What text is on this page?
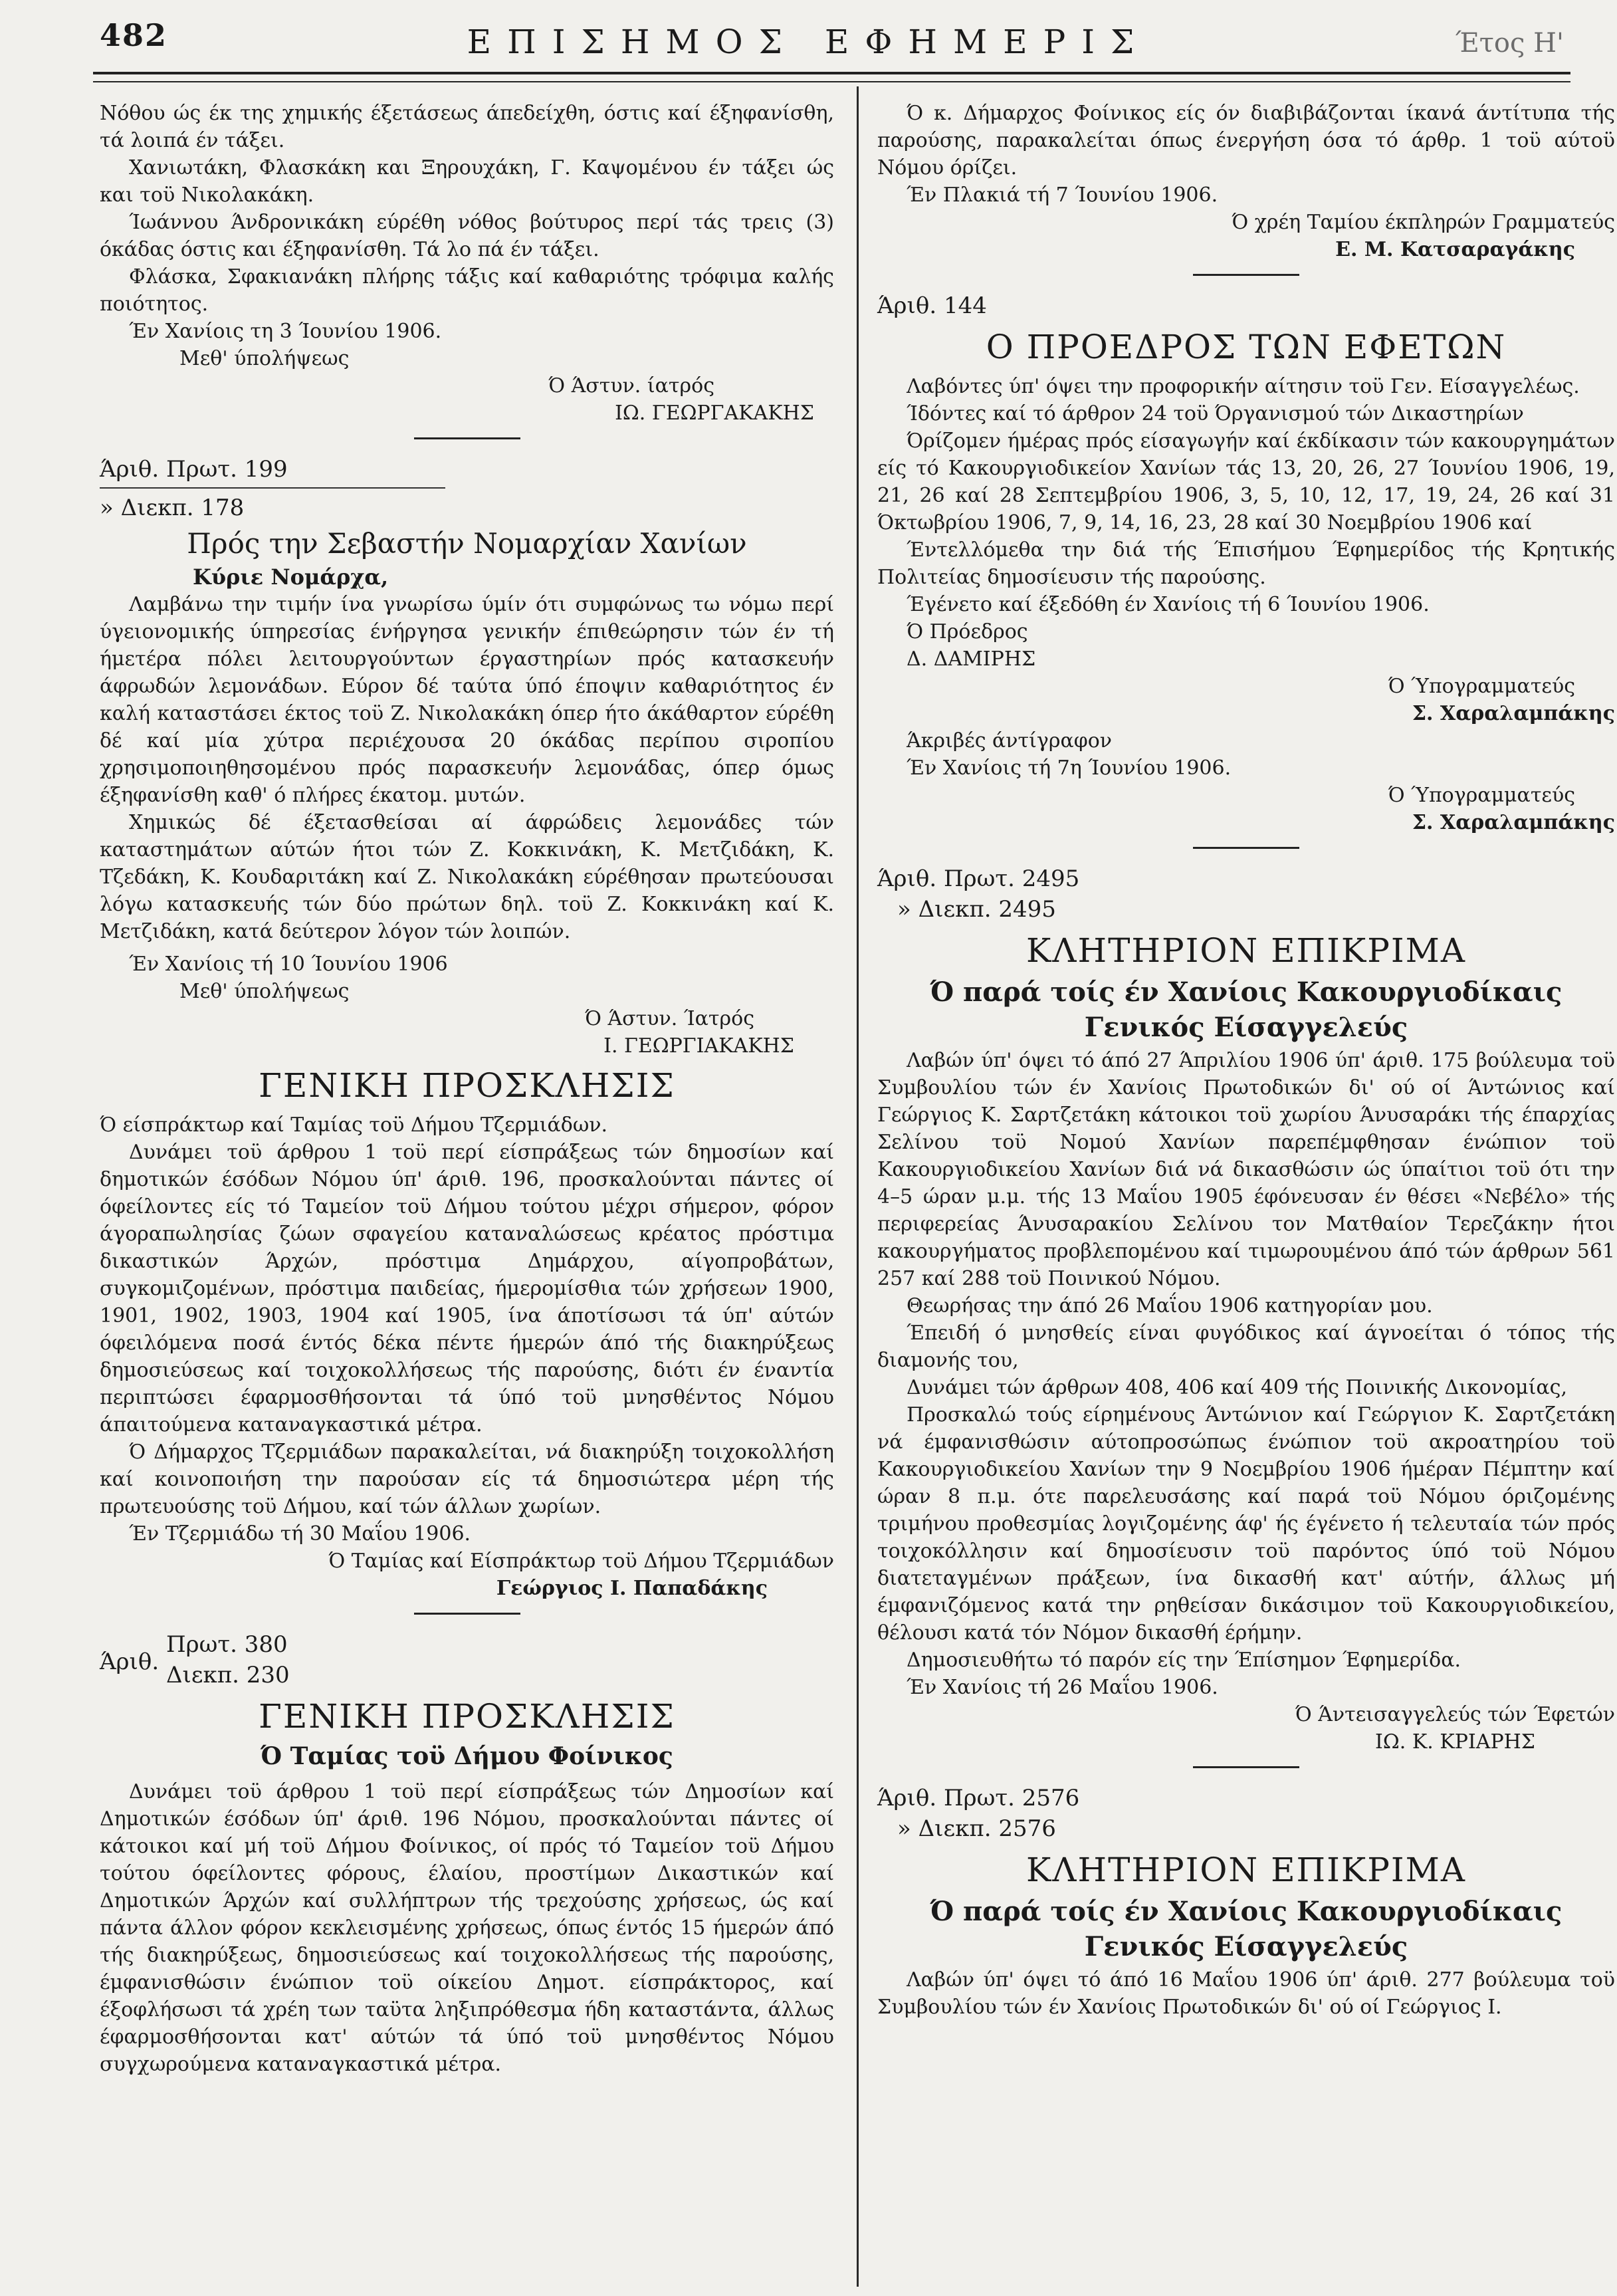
482	ΕΠΙΣΗΜΟΣ ΕΦΗΜΕΡΙΣ	Έτος Η'

Νόθου ώς έκ της χημικής έξετάσεως άπεδείχθη, όστις καί έξηφανίσθη, τά λοιπά έν τάξει.

Χανιωτάκη, Φλασκάκη και Ξηρουχάκη, Γ. Καψομένου έν τάξει ώς και τοϋ Νικολακάκη.

Ίωάννου Άνδρονικάκη εύρέθη νόθος βούτυρος περί τάς τρεις (3) όκάδας όστις και έξηφανίσθη. Τά λο πά έν τάξει.

Φλάσκα, Σφακιανάκη πλήρης τάξις καί καθαριότης τρόφιμα καλής ποιότητος.

Έν Χανίοις τη 3 Ίουνίου 1906.

Μεθ' ύπολήψεως

Ό Άστυν. ίατρός

ΙΩ. ΓΕΩΡΓΑΚΑΚΗΣ

Άριθ. Πρωτ. 199

» Διεκπ. 178

Πρός την Σεβαστήν Νομαρχίαν Χανίων

Κύριε Νομάρχα,

Λαμβάνω την τιμήν ίνα γνωρίσω ύμίν ότι συμφώνως τω νόμω περί ύγειονομικής ύπηρεσίας ένήργησα γενικήν έπιθεώρησιν τών έν τή ήμετέρα πόλει λειτουργούντων έργαστηρίων πρός κατασκευήν άφρωδών λεμονάδων. Εύρον δέ ταύτα ύπό έποψιν καθαριότητος έν καλή καταστάσει έκτος τοϋ Ζ. Νικολακάκη όπερ ήτο άκάθαρτον εύρέθη δέ καί μία χύτρα περιέχουσα 20 όκάδας περίπου σιροπίου χρησιμοποιηθησομένου πρός παρασκευήν λεμονάδας, όπερ όμως έξηφανίσθη καθ' ό πλήρες έκατομ. μυτών.

Χημικώς δέ έξετασθείσαι αί άφρώδεις λεμονάδες τών καταστημάτων αύτών ήτοι τών Ζ. Κοκκινάκη, Κ. Μετζιδάκη, Κ. Τζεδάκη, Κ. Κουδαριτάκη καί Ζ. Νικολακάκη εύρέθησαν πρωτεύουσαι λόγω κατασκευής τών δύο πρώτων δηλ. τοϋ Ζ. Κοκκινάκη καί Κ. Μετζιδάκη, κατά δεύτερον λόγον τών λοιπών.

Έν Χανίοις τή 10 Ίουνίου 1906

Μεθ' ύπολήψεως

Ό Άστυν. Ίατρός

Ι. ΓΕΩΡΓΙΑΚΑΚΗΣ

ΓΕΝΙΚΗ ΠΡΟΣΚΛΗΣΙΣ

Ό είσπράκτωρ καί Ταμίας τοϋ Δήμου Τζερμιάδων.

Δυνάμει τοϋ άρθρου 1 τοϋ περί είσπράξεως τών δημοσίων καί δημοτικών έσόδων Νόμου ύπ' άριθ. 196, προσκαλούνται πάντες οί όφείλοντες είς τό Ταμείον τοϋ Δήμου τούτου μέχρι σήμερον, φόρον άγοραπωλησίας ζώων σφαγείου καταναλώσεως κρέατος πρόστιμα δικαστικών Άρχών, πρόστιμα Δημάρχου, αίγοπροβάτων, συγκομιζομένων, πρόστιμα παιδείας, ήμερομίσθια τών χρήσεων 1900, 1901, 1902, 1903, 1904 καί 1905, ίνα άποτίσωσι τά ύπ' αύτών όφειλόμενα ποσά έντός δέκα πέντε ήμερών άπό τής διακηρύξεως δημοσιεύσεως καί τοιχοκολλήσεως τής παρούσης, διότι έν έναντία περιπτώσει έφαρμοσθήσονται τά ύπό τοϋ μνησθέντος Νόμου άπαιτούμενα καταναγκαστικά μέτρα.

Ό Δήμαρχος Τζερμιάδων παρακαλείται, νά διακηρύξη τοιχοκολλήση καί κοινοποιήση την παρούσαν είς τά δημοσιώτερα μέρη τής πρωτευούσης τοϋ Δήμου, καί τών άλλων χωρίων.

Έν Τζερμιάδω τή 30 Μαΐου 1906.

Ό Ταμίας καί Είσπράκτωρ τοϋ Δήμου Τζερμιάδων

Γεώργιος Ι. Παπαδάκης

Άριθ.
Πρωτ. 380
Διεκπ. 230
ΓΕΝΙΚΗ ΠΡΟΣΚΛΗΣΙΣ
Ό Ταμίας τοϋ Δήμου Φοίνικος

Δυνάμει τοϋ άρθρου 1 τοϋ περί είσπράξεως τών Δημοσίων καί Δημοτικών έσόδων ύπ' άριθ. 196 Νόμου, προσκαλούνται πάντες οί κάτοικοι καί μή τοϋ Δήμου Φοίνικος, οί πρός τό Ταμείον τοϋ Δήμου τούτου όφείλοντες φόρους, έλαίου, προστίμων Δικαστικών καί Δημοτικών Άρχών καί συλλήπτρων τής τρεχούσης χρήσεως, ώς καί πάντα άλλον φόρον κεκλεισμένης χρήσεως, όπως έντός 15 ήμερών άπό τής διακηρύξεως, δημοσιεύσεως καί τοιχοκολλήσεως τής παρούσης, έμφανισθώσιν ένώπιον τοϋ οίκείου Δημοτ. είσπράκτορος, καί έξοφλήσωσι τά χρέη των ταϋτα ληξιπρόθεσμα ήδη καταστάντα, άλλως έφαρμοσθήσονται κατ' αύτών τά ύπό τοϋ μνησθέντος Νόμου συγχωρούμενα καταναγκαστικά μέτρα.

Ό κ. Δήμαρχος Φοίνικος είς όν διαβιβάζονται ίκανά άντίτυπα τής παρούσης, παρακαλείται όπως ένεργήση όσα τό άρθρ. 1 τοϋ αύτοϋ Νόμου όρίζει.

Έν Πλακιά τή 7 Ίουνίου 1906.

Ό χρέη Ταμίου έκπληρών Γραμματεύς

Ε. Μ. Κατσαραγάκης

Άριθ. 144

Ο ΠΡΟΕΔΡΟΣ ΤΩΝ ΕΦΕΤΩΝ

Λαβόντες ύπ' όψει την προφορικήν αίτησιν τοϋ Γεν. Είσαγγελέως.

Ίδόντες καί τό άρθρον 24 τοϋ Όργανισμού τών Δικαστηρίων

Όρίζομεν ήμέρας πρός είσαγωγήν καί έκδίκασιν τών κακουργημάτων είς τό Κακουργιοδικείον Χανίων τάς 13, 20, 26, 27 Ίουνίου 1906, 19, 21, 26 καί 28 Σεπτεμβρίου 1906, 3, 5, 10, 12, 17, 19, 24, 26 καί 31 Όκτωβρίου 1906, 7, 9, 14, 16, 23, 28 καί 30 Νοεμβρίου 1906 καί

Έντελλόμεθα την διά τής Έπισήμου Έφημερίδος τής Κρητικής Πολιτείας δημοσίευσιν τής παρούσης.

Έγένετο καί έξεδόθη έν Χανίοις τή 6 Ίουνίου 1906.

Ό Πρόεδρος

Δ. ΔΑΜΙΡΗΣ

Ό Ύπογραμματεύς

Σ. Χαραλαμπάκης

Άκριβές άντίγραφον

Έν Χανίοις τή 7η Ίουνίου 1906.

Ό Ύπογραμματεύς

Σ. Χαραλαμπάκης

Άριθ. Πρωτ. 2495

» Διεκπ. 2495

ΚΛΗΤΗΡΙΟΝ ΕΠΙΚΡΙΜΑ
Ό παρά τοίς έν Χανίοις Κακουργιοδίκαις
Γενικός Είσαγγελεύς

Λαβών ύπ' όψει τό άπό 27 Άπριλίου 1906 ύπ' άριθ. 175 βούλευμα τοϋ Συμβουλίου τών έν Χανίοις Πρωτοδικών δι' ού οί Άντώνιος καί Γεώργιος Κ. Σαρτζετάκη κάτοικοι τοϋ χωρίου Άνυσαράκι τής έπαρχίας Σελίνου τοϋ Νομού Χανίων παρεπέμφθησαν ένώπιον τοϋ Κακουργιοδικείου Χανίων διά νά δικασθώσιν ώς ύπαίτιοι τοϋ ότι την 4–5 ώραν μ.μ. τής 13 Μαΐου 1905 έφόνευσαν έν θέσει «Νεβέλο» τής περιφερείας Άνυσαρακίου Σελίνου τον Ματθαίον Τερεζάκην ήτοι κακουργήματος προβλεπομένου καί τιμωρουμένου άπό τών άρθρων 561 257 καί 288 τοϋ Ποινικού Νόμου.

Θεωρήσας την άπό 26 Μαΐου 1906 κατηγορίαν μου.

Έπειδή ό μνησθείς είναι φυγόδικος καί άγνοείται ό τόπος τής διαμονής του,

Δυνάμει τών άρθρων 408, 406 καί 409 τής Ποινικής Δικονομίας,

Προσκαλώ τούς είρημένους Άντώνιον καί Γεώργιον Κ. Σαρτζετάκη νά έμφανισθώσιν αύτοπροσώπως ένώπιον τοϋ ακροατηρίου τοϋ Κακουργιοδικείου Χανίων την 9 Νοεμβρίου 1906 ήμέραν Πέμπτην καί ώραν 8 π.μ. ότε παρελευσάσης καί παρά τοϋ Νόμου όριζομένης τριμήνου προθεσμίας λογιζομένης άφ' ής έγένετο ή τελευταία τών πρός τοιχοκόλλησιν καί δημοσίευσιν τοϋ παρόντος ύπό τοϋ Νόμου διατεταγμένων πράξεων, ίνα δικασθή κατ' αύτήν, άλλως μή έμφανιζόμενος κατά την ρηθείσαν δικάσιμον τοϋ Κακουργιοδικείου, θέλουσι κατά τόν Νόμον δικασθή έρήμην.

Δημοσιευθήτω τό παρόν είς την Έπίσημον Έφημερίδα.

Έν Χανίοις τή 26 Μαΐου 1906.

Ό Άντεισαγγελεύς τών Έφετών

ΙΩ. Κ. ΚΡΙΑΡΗΣ

Άριθ. Πρωτ. 2576

» Διεκπ. 2576

ΚΛΗΤΗΡΙΟΝ ΕΠΙΚΡΙΜΑ
Ό παρά τοίς έν Χανίοις Κακουργιοδίκαις
Γενικός Είσαγγελεύς

Λαβών ύπ' όψει τό άπό 16 Μαΐου 1906 ύπ' άριθ. 277 βούλευμα τοϋ Συμβουλίου τών έν Χανίοις Πρωτοδικών δι' ού οί Γεώργιος Ι.
